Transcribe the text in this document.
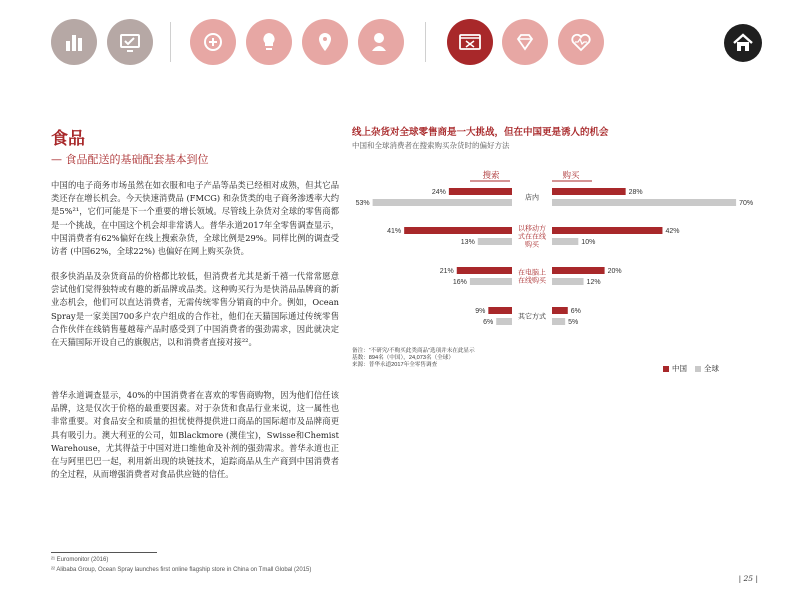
食品
— 食品配送的基础配套基本到位
中国的电子商务市场虽然在如衣服和电子产品等品类已经相对成熟，但其它品类还存在增长机会。今天快速消费品 (FMCG) 和杂货类的电子商务渗透率大约是5%²¹，它们可能是下一个重要的增长领域。尽管线上杂货对全球的零售商都是一个挑战，在中国这个机会却非常诱人。普华永道2017年全零售调查显示，中国消费者有62%偏好在线上搜索杂货，全球比例是29%。同样比例的调查受访者 (中国62%，全球22%) 也偏好在网上购买杂货。
很多快消品及杂货商品的价格都比较低，但消费者尤其是新千禧一代常常愿意尝试他们觉得独特或有趣的新品牌或品类。这种购买行为是快消品品牌商的新业态机会，他们可以直达消费者，无需传统零售分销商的中介。例如，Ocean Spray是一家美国700多户农户组成的合作社，他们在天猫国际通过传统零售合作伙伴在线销售蔓越莓产品时感受到了中国消费者的强劲需求，因此就决定在天猫国际开设自己的旗舰店，以和消费者直接对接²²。
普华永道调查显示，40%的中国消费者在喜欢的零售商购物，因为他们信任该品牌，这是仅次于价格的最重要因素。对于杂货和食品行业来说，这一属性也非常重要。对食品安全和质量的担忧使得提供进口商品的国际超市及品牌商更具有吸引力。澳大利亚的公司，如Blackmore (澳佳宝)，Swisse和Chemist Warehouse，尤其得益于中国对进口维他命及补剂的强劲需求。普华永道也正在与阿里巴巴一起，利用新出现的块链技术，追踪商品从生产商到中国消费者的全过程，从而增强消费者对食品供应链的信任。
²¹ Euromonitor (2016)
²² Alibaba Group, Ocean Spray launches first online flagship store in China on Tmall Global (2015)
| 25 |
线上杂货对全球零售商是一大挑战，但在中国更是诱人的机会
中国和全球消费者在搜索购买杂货时的偏好方法
搜索	购买
24%
53%
28%
70%
店内
41%
13%
42%
10%
以移动方
式在在线
购买
21%
16%
20%
12%
在电脑上
在线购买
9%
6%
6%
5%
其它方式
备注：“不研究/不购买此类商品”选项并未在此显示
基数：894名（中国），24,073名（全球）
来源：普华永道2017年全零售调查	中国 全球
